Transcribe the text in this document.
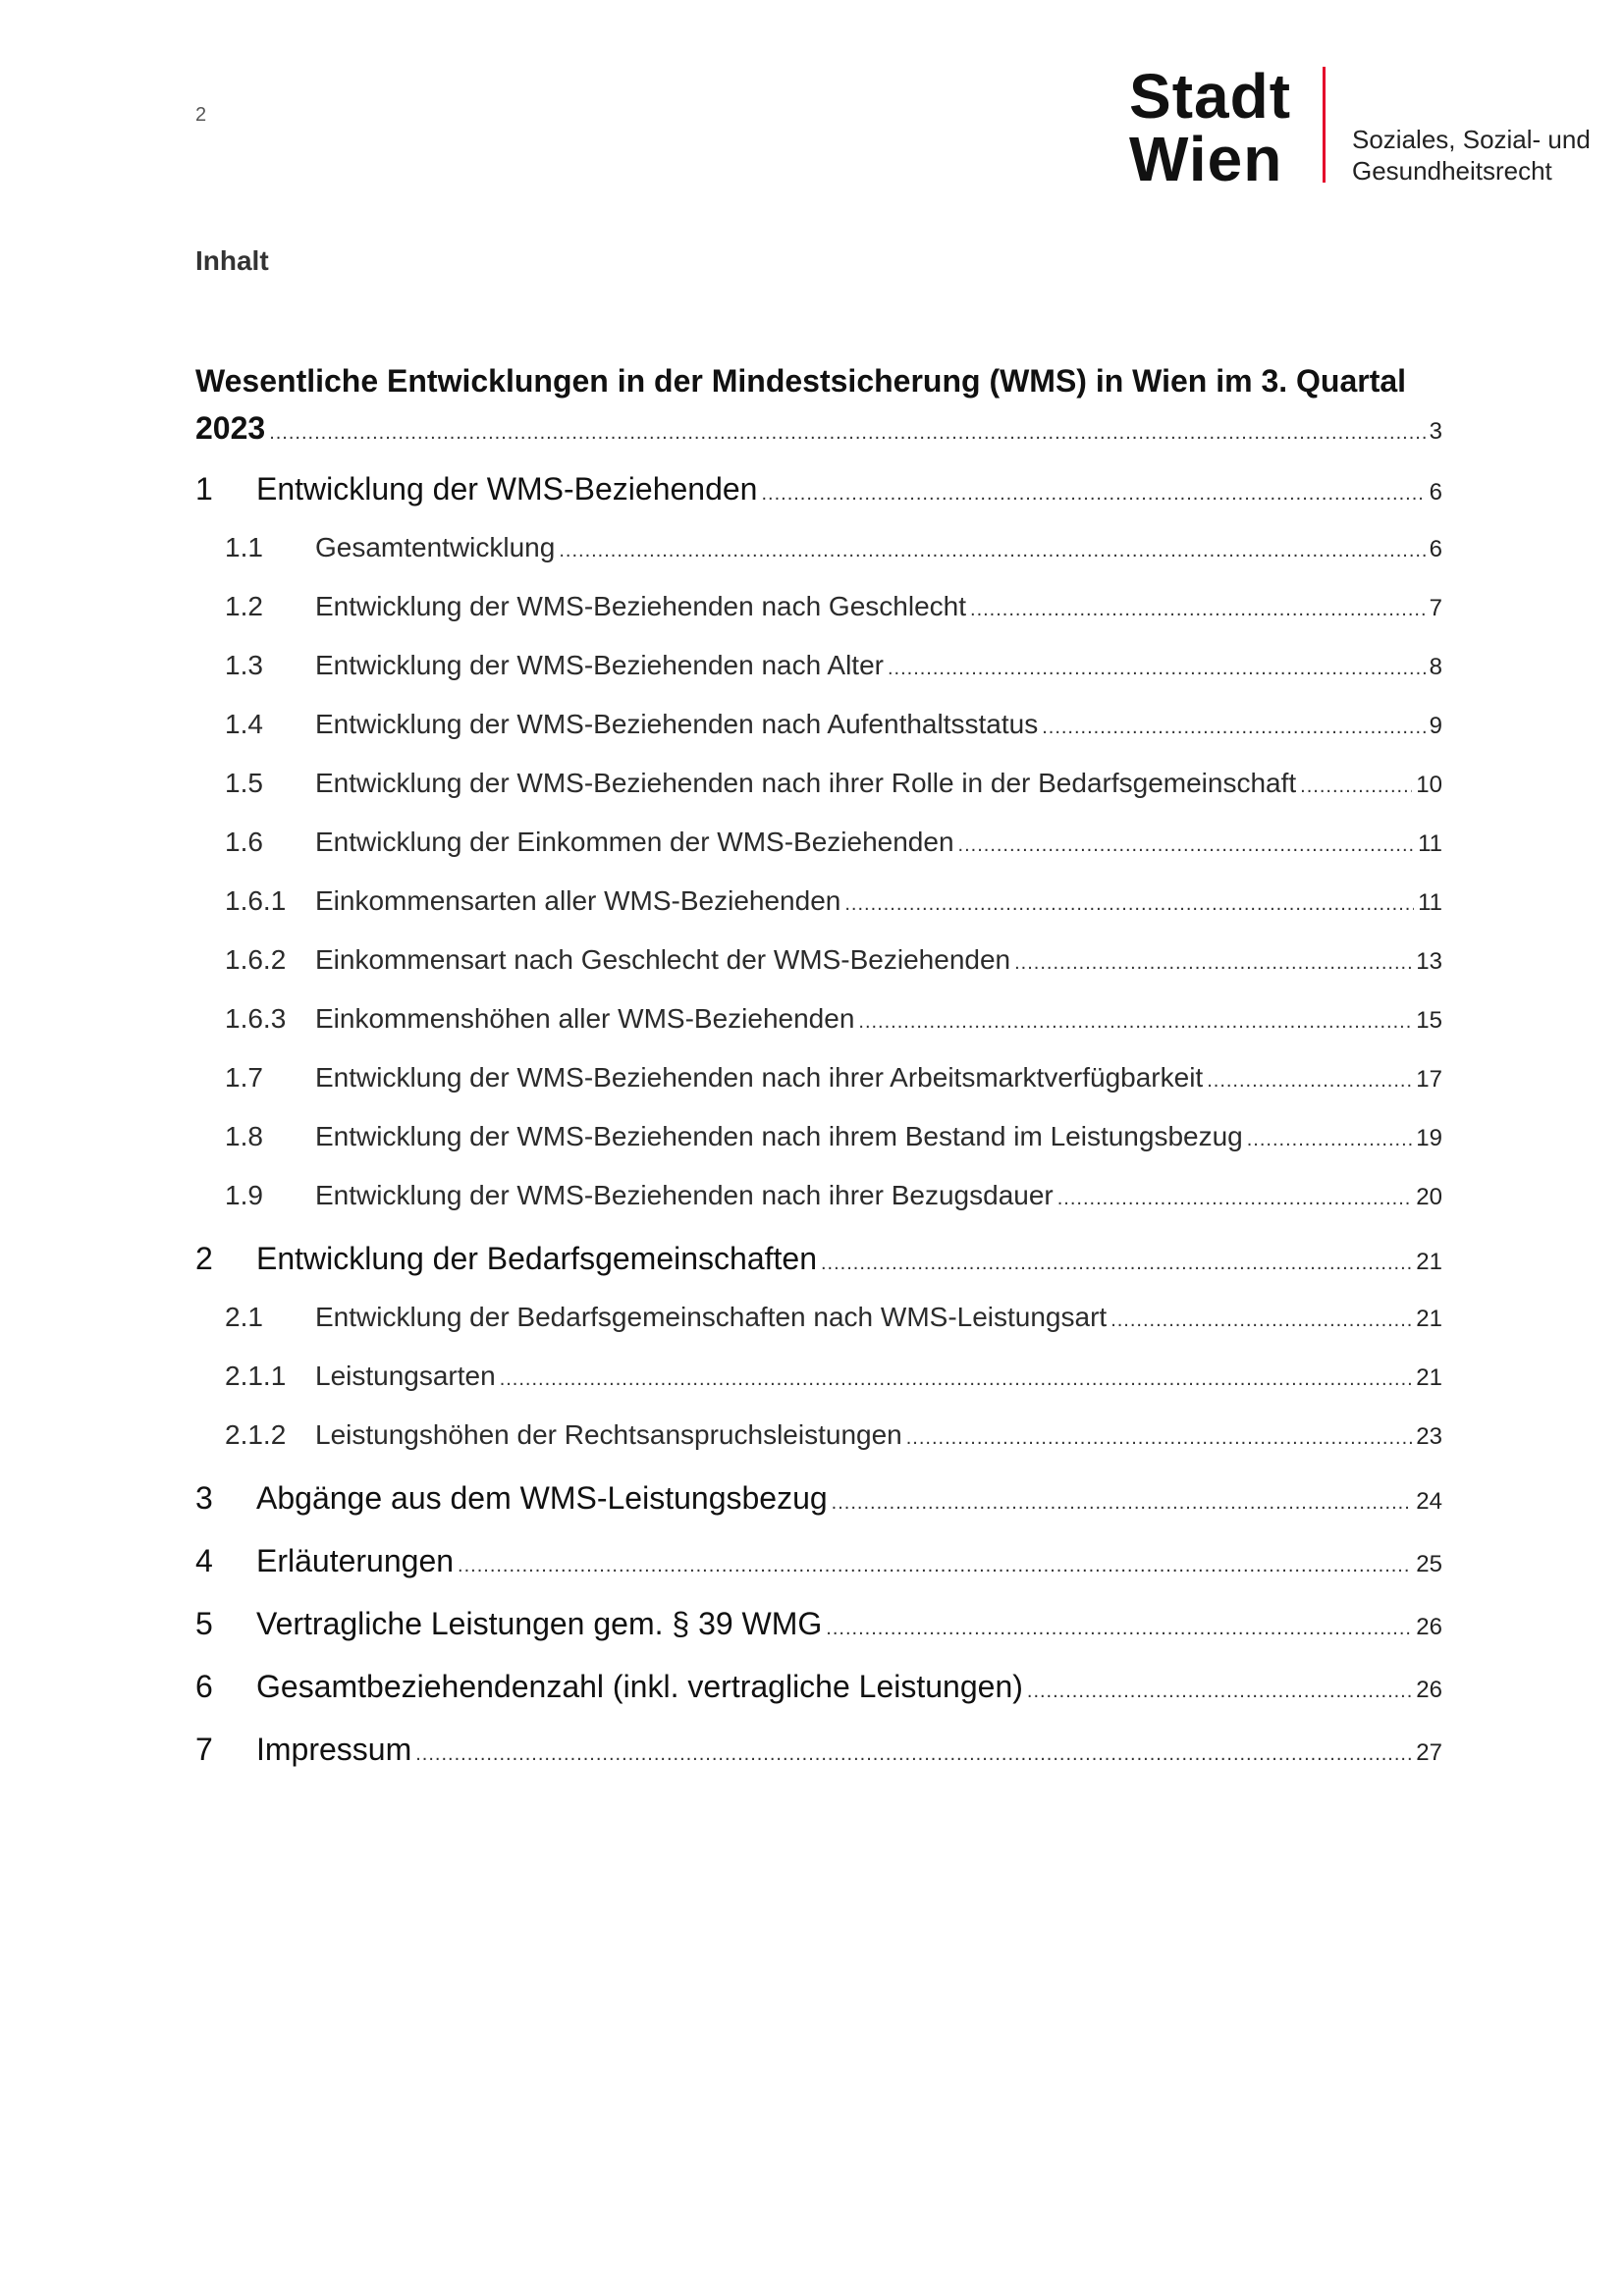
2	Stadt
Wien	Soziales, Sozial- und
Gesundheitsrecht
Inhalt
Wesentliche Entwicklungen in der Mindestsicherung (WMS) in Wien im 3. Quartal
2023 .....	3
1	Entwicklung der WMS-Beziehenden .....	6
1.1	Gesamtentwicklung .....	6
1.2	Entwicklung der WMS-Beziehenden nach Geschlecht .....	7
1.3	Entwicklung der WMS-Beziehenden nach Alter .....	8
1.4	Entwicklung der WMS-Beziehenden nach Aufenthaltsstatus .....	9
1.5	Entwicklung der WMS-Beziehenden nach ihrer Rolle in der Bedarfsgemeinschaft .....	10
1.6	Entwicklung der Einkommen der WMS-Beziehenden .....	11
1.6.1	Einkommensarten aller WMS-Beziehenden .....	11
1.6.2	Einkommensart nach Geschlecht der WMS-Beziehenden .....	13
1.6.3	Einkommenshöhen aller WMS-Beziehenden .....	15
1.7	Entwicklung der WMS-Beziehenden nach ihrer Arbeitsmarktverfügbarkeit .....	17
1.8	Entwicklung der WMS-Beziehenden nach ihrem Bestand im Leistungsbezug .....	19
1.9	Entwicklung der WMS-Beziehenden nach ihrer Bezugsdauer .....	20
2	Entwicklung der Bedarfsgemeinschaften .....	21
2.1	Entwicklung der Bedarfsgemeinschaften nach WMS-Leistungsart .....	21
2.1.1	Leistungsarten .....	21
2.1.2	Leistungshöhen der Rechtsanspruchsleistungen .....	23
3	Abgänge aus dem WMS-Leistungsbezug .....	24
4	Erläuterungen .....	25
5	Vertragliche Leistungen gem. § 39 WMG .....	26
6	Gesamtbeziehendenzahl (inkl. vertragliche Leistungen) .....	26
7	Impressum .....	27
